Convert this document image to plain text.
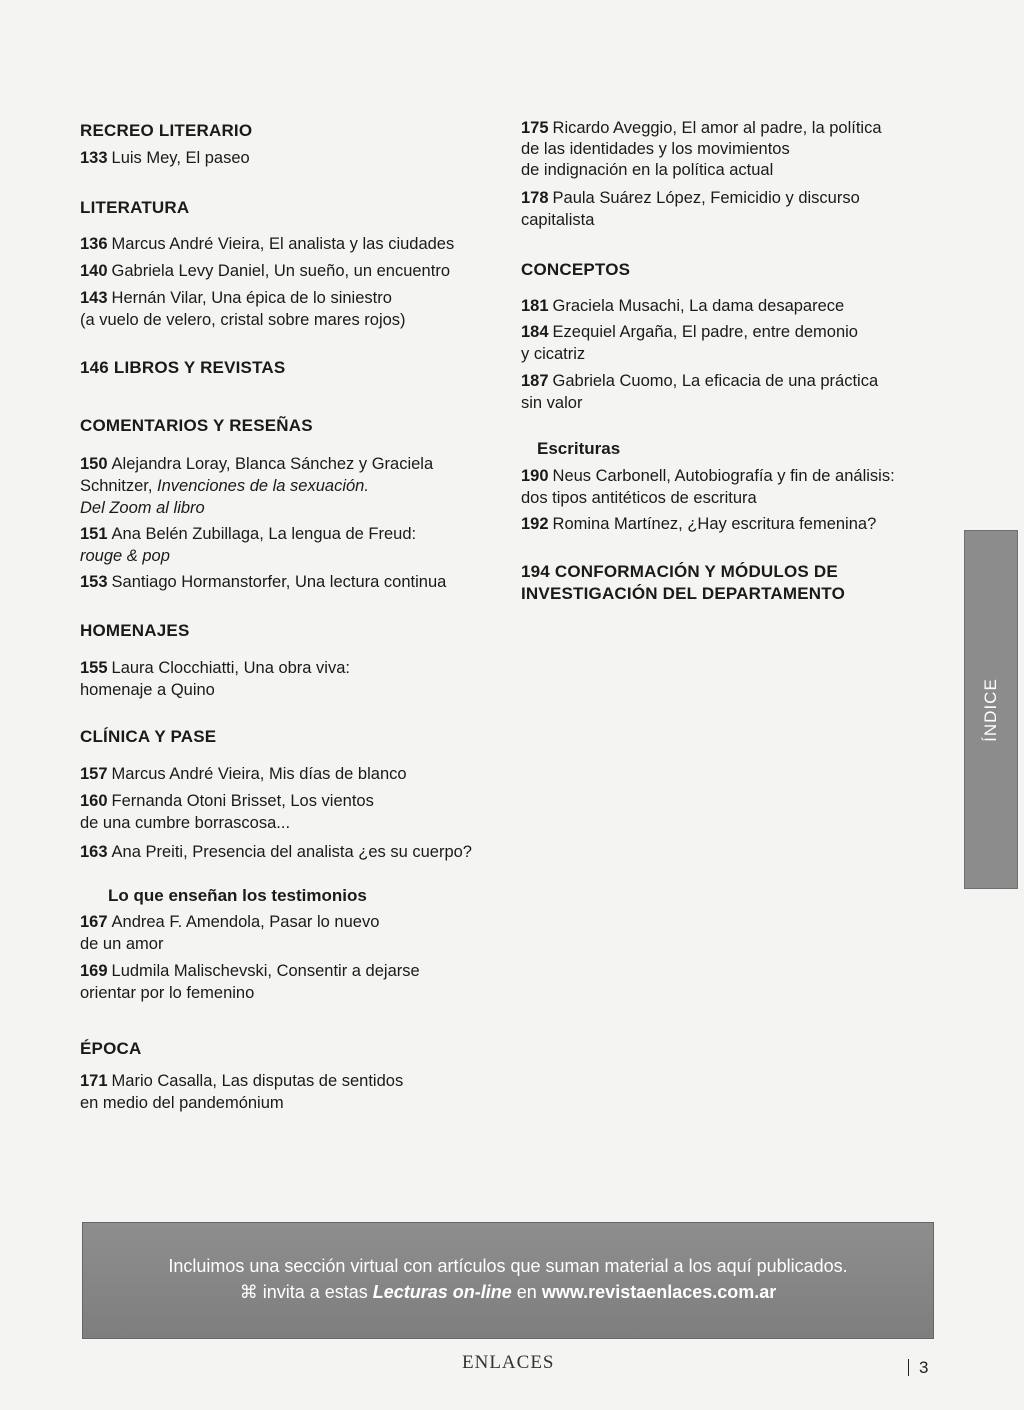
RECREO LITERARIO
133 Luis Mey, El paseo
LITERATURA
136 Marcus André Vieira, El analista y las ciudades
140 Gabriela Levy Daniel, Un sueño, un encuentro
143 Hernán Vilar, Una épica de lo siniestro
(a vuelo de velero, cristal sobre mares rojos)
146 LIBROS Y REVISTAS
COMENTARIOS Y RESEÑAS
150 Alejandra Loray, Blanca Sánchez y Graciela
Schnitzer, Invenciones de la sexuación.
Del Zoom al libro
151 Ana Belén Zubillaga, La lengua de Freud:
rouge & pop
153 Santiago Hormanstorfer, Una lectura continua
HOMENAJES
155 Laura Clocchiatti, Una obra viva:
homenaje a Quino
CLÍNICA Y PASE
157 Marcus André Vieira, Mis días de blanco
160 Fernanda Otoni Brisset, Los vientos
de una cumbre borrascosa...
163 Ana Preiti, Presencia del analista ¿es su cuerpo?
Lo que enseñan los testimonios
167 Andrea F. Amendola, Pasar lo nuevo
de un amor
169 Ludmila Malischevski, Consentir a dejarse
orientar por lo femenino
ÉPOCA
171 Mario Casalla, Las disputas de sentidos
en medio del pandemónium
175 Ricardo Aveggio, El amor al padre, la política
de las identidades y los movimientos
de indignación en la política actual
178 Paula Suárez López, Femicidio y discurso
capitalista
CONCEPTOS
181 Graciela Musachi, La dama desaparece
184 Ezequiel Argaña, El padre, entre demonio
y cicatriz
187 Gabriela Cuomo, La eficacia de una práctica
sin valor
Escrituras
190 Neus Carbonell, Autobiografía y fin de análisis:
dos tipos antitéticos de escritura
192 Romina Martínez, ¿Hay escritura femenina?
194 CONFORMACIÓN Y MÓDULOS DE
INVESTIGACIÓN DEL DEPARTAMENTO
ÍNDICE
Incluimos una sección virtual con artículos que suman material a los aquí publicados.
⌘ invita a estas Lecturas on-line en www.revistaenlaces.com.ar
ENLACES	3
